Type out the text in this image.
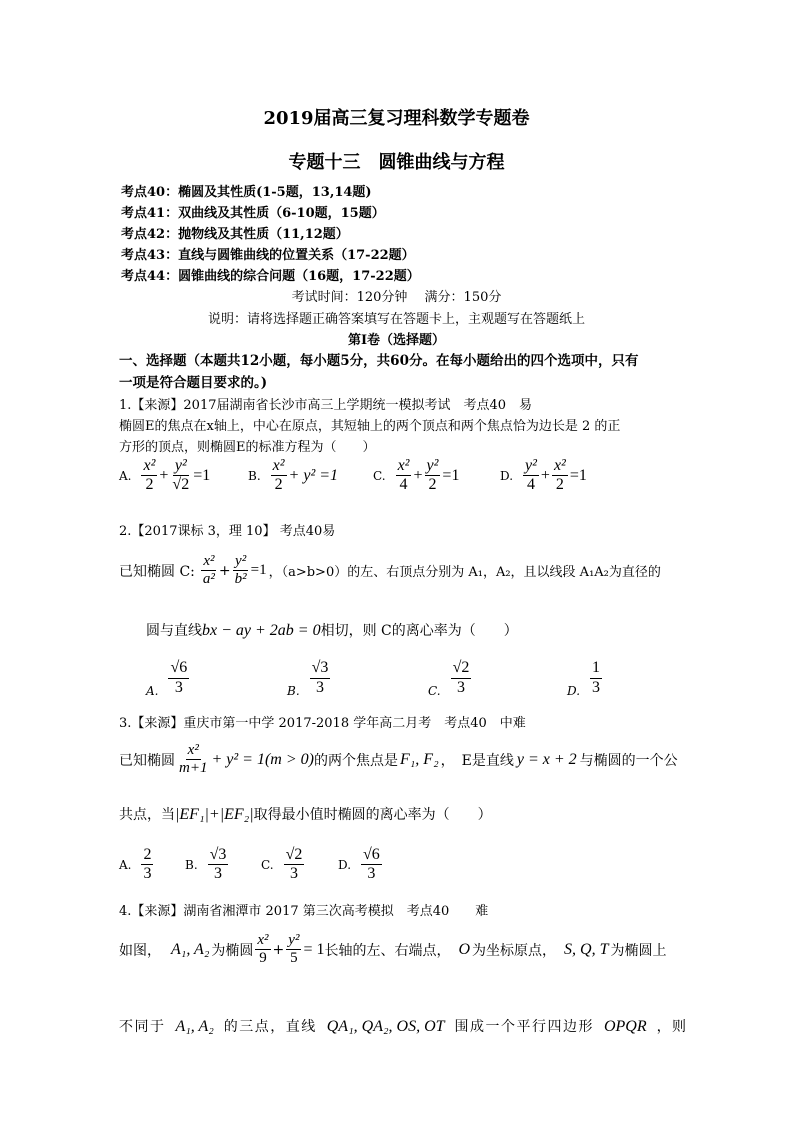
2019届高三复习理科数学专题卷
专题十三　圆锥曲线与方程
考点40：椭圆及其性质(1-5题，13,14题)
考点41：双曲线及其性质（6-10题，15题）
考点42：抛物线及其性质（11,12题）
考点43：直线与圆锥曲线的位置关系（17-22题）
考点44：圆锥曲线的综合问题（16题，17-22题）
考试时间：120分钟　 满分：150分
说明：请将选择题正确答案填写在答题卡上，主观题写在答题纸上
第I卷（选择题）
一、选择题（本题共12小题，每小题5分，共60分。在每小题给出的四个选项中，只有
一项是符合题目要求的。)
1.【来源】2017届湖南省长沙市高三上学期统一模拟考试　考点40　易
椭圆E的焦点在x轴上，中心在原点，其短轴上的两个顶点和两个焦点恰为边长是 2 的正
方形的顶点，则椭圆E的标准方程为（　　）
A. $\frac{\text{x²}}{2} + \frac{\text{y²}}{√2} =1$	B. $\frac{\text{x²}}{2} + y^2 =1$	C. $\frac{\text{x²}}{4} + \frac{\text{y²}}{2} =1$	D. $\frac{\text{y²}}{4} + \frac{\text{x²}}{2} =1$
2.【2017课标 3，理 10】 考点40易
已知椭圆 C: $\frac{\text{x²}}{\text{a²}} + \frac{\text{y²}}{\text{b²}} =1$ ，（a>b>0）的左、右顶点分别为 A₁，A₂，且以线段 A₁A₂为直径的
圆与直线bx − ay + 2ab = 0相切，则 C的离心率为（　　）
A. $\frac{√6}{3}$	B. $\frac{√3}{3}$	C. $\frac{√2}{3}$	D. $\frac{1}{3}$
3.【来源】重庆市第一中学 2017-2018 学年高二月考　考点40　中难
已知椭圆 $\frac{\text{x²}}{m+1} + y^2 = 1(m > 0)$ 的两个焦点是 F₁, F₂ ，　E是直线 y = x + 2 与椭圆的一个公
共点，当|EF₁|+|EF₂|取得最小值时椭圆的离心率为（　　）
A. $\frac{2}{3}$	B. $\frac{√3}{3}$	C. $\frac{√2}{3}$	D. $\frac{√6}{3}$
4.【来源】湖南省湘潭市 2017 第三次高考模拟　考点40　　难
如图， A₁, A₂ 为椭圆 $\frac{\text{x²}}{9} + \frac{\text{y²}}{5} = 1$ 长轴的左、右端点， O 为坐标原点， S, Q, T 为椭圆上
不同于 A₁, A₂ 的三点，直线 QA₁, QA₂, OS, OT 围成一个平行四边形 OPQR ，则
